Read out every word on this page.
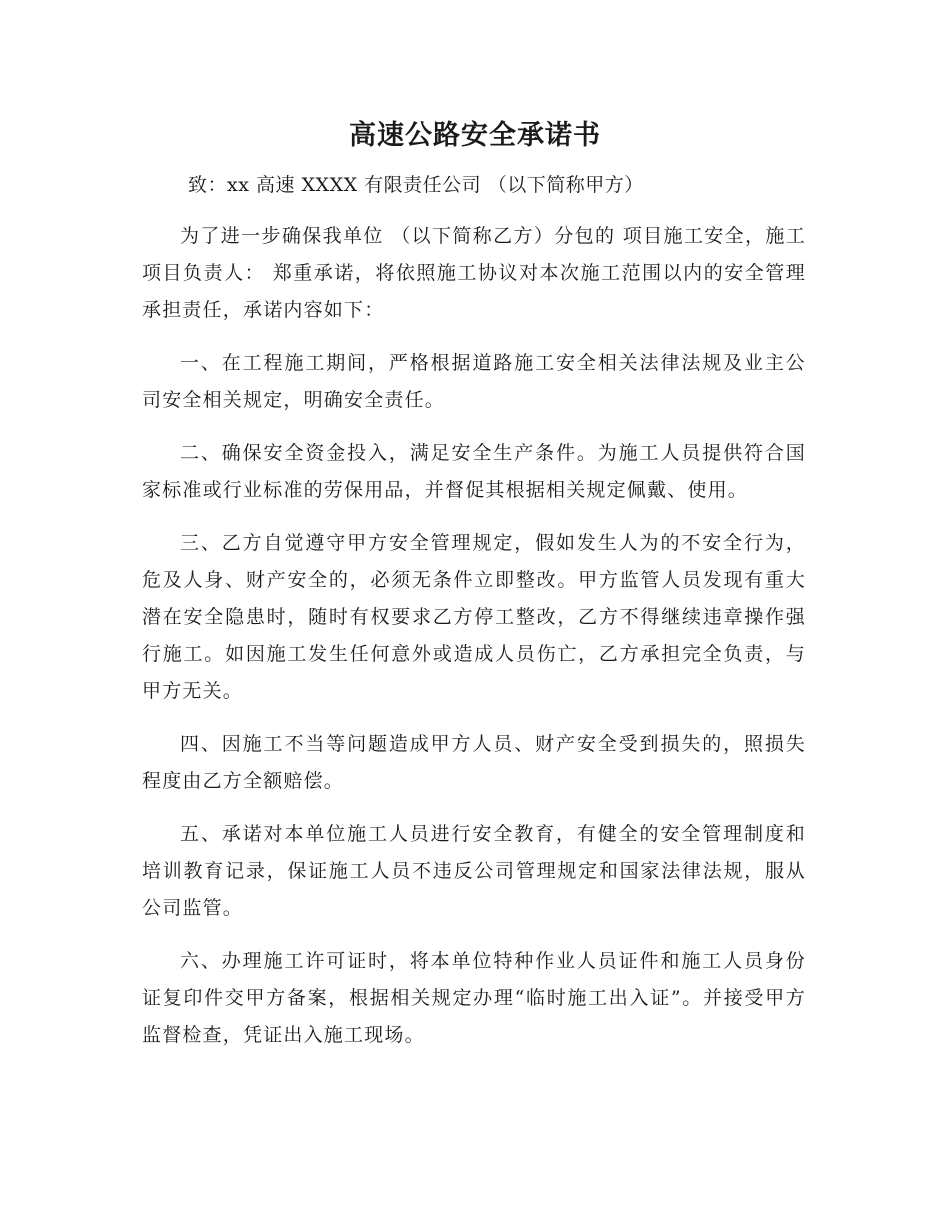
高速公路安全承诺书
致：xx 高速 XXXX 有限责任公司 （以下简称甲方）

为了进一步确保我单位 （以下简称乙方）分包的 项目施工安全，施工项目负责人： 郑重承诺，将依照施工协议对本次施工范围以内的安全管理承担责任，承诺内容如下：

一、在工程施工期间，严格根据道路施工安全相关法律法规及业主公司安全相关规定，明确安全责任。

二、确保安全资金投入，满足安全生产条件。为施工人员提供符合国家标准或行业标准的劳保用品，并督促其根据相关规定佩戴、使用。

三、乙方自觉遵守甲方安全管理规定，假如发生人为的不安全行为，危及人身、财产安全的，必须无条件立即整改。甲方监管人员发现有重大潜在安全隐患时，随时有权要求乙方停工整改，乙方不得继续违章操作强行施工。如因施工发生任何意外或造成人员伤亡，乙方承担完全负责，与甲方无关。

四、因施工不当等问题造成甲方人员、财产安全受到损失的，照损失程度由乙方全额赔偿。

五、承诺对本单位施工人员进行安全教育，有健全的安全管理制度和培训教育记录，保证施工人员不违反公司管理规定和国家法律法规，服从公司监管。

六、办理施工许可证时，将本单位特种作业人员证件和施工人员身份证复印件交甲方备案，根据相关规定办理“临时施工出入证”。并接受甲方监督检查，凭证出入施工现场。
